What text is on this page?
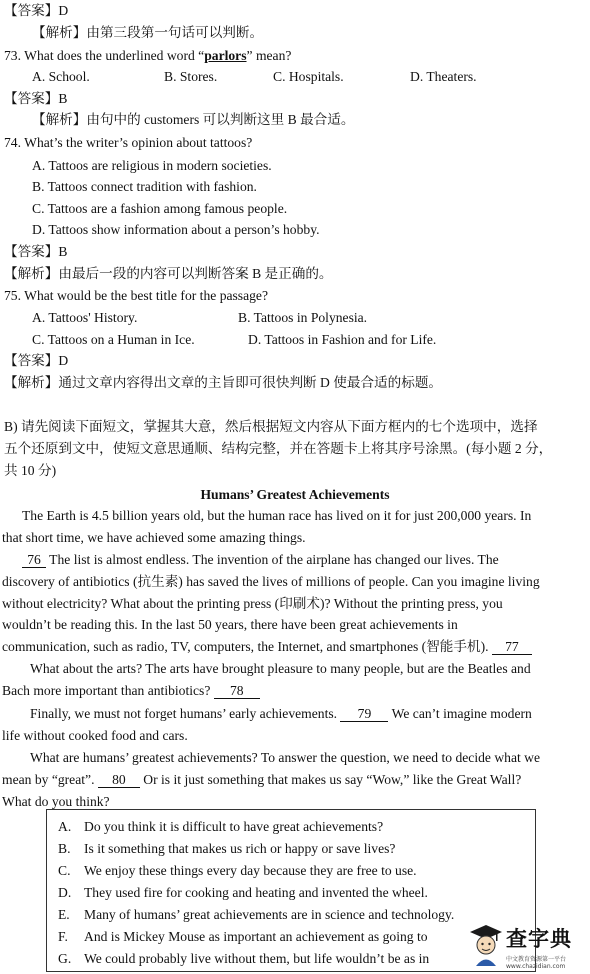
【答案】D
【解析】由第三段第一句话可以判断。
73. What does the underlined word “parlors” mean?
A. School.	B. Stores.	C. Hospitals.	D. Theaters.
【答案】B
【解析】由句中的 customers 可以判断这里 B 最合适。
74. What’s the writer’s opinion about tattoos?
A. Tattoos are religious in modern societies.
B. Tattoos connect tradition with fashion.
C. Tattoos are a fashion among famous people.
D. Tattoos show information about a person’s hobby.
【答案】B
【解析】由最后一段的内容可以判断答案 B 是正确的。
75. What would be the best title for the passage?
A. Tattoos' History.	B. Tattoos in Polynesia.
C. Tattoos on a Human in Ice.	D. Tattoos in Fashion and for Life.
【答案】D
【解析】通过文章内容得出文章的主旨即可很快判断 D 使最合适的标题。
B) 请先阅读下面短文，掌握其大意，然后根据短文内容从下面方框内的七个选项中，选择
五个还原到文中，使短文意思通顺、结构完整，并在答题卡上将其序号涂黑。(每小题 2 分，
共 10 分)
Humans’ Greatest Achievements
The Earth is 4.5 billion years old, but the human race has lived on it for just 200,000 years. In
that short time, we have achieved some amazing things.
76 The list is almost endless. The invention of the airplane has changed our lives. The
discovery of antibiotics (抗生素) has saved the lives of millions of people. Can you imagine living
without electricity? What about the printing press (印刷术)? Without the printing press, you
wouldn’t be reading this. In the last 50 years, there have been great achievements in
communication, such as radio, TV, computers, the Internet, and smartphones (智能手机). 77
What about the arts? The arts have brought pleasure to many people, but are the Beatles and
Bach more important than antibiotics? 78
Finally, we must not forget humans’ early achievements. 79 We can’t imagine modern
life without cooked food and cars.
What are humans’ greatest achievements? To answer the question, we need to decide what we
mean by “great”. 80 Or is it just something that makes us say “Wow,” like the Great Wall?
What do you think?
A. Do you think it is difficult to have great achievements?
B. Is it something that makes us rich or happy or save lives?
C. We enjoy these things every day because they are free to use.
D. They used fire for cooking and heating and invented the wheel.
E. Many of humans’ great achievements are in science and technology.
F. And is Mickey Mouse as important an achievement as going to
G. We could probably live without them, but life wouldn’t be as in
查字典
中文教育资源第一平台 www.chazidian.com
